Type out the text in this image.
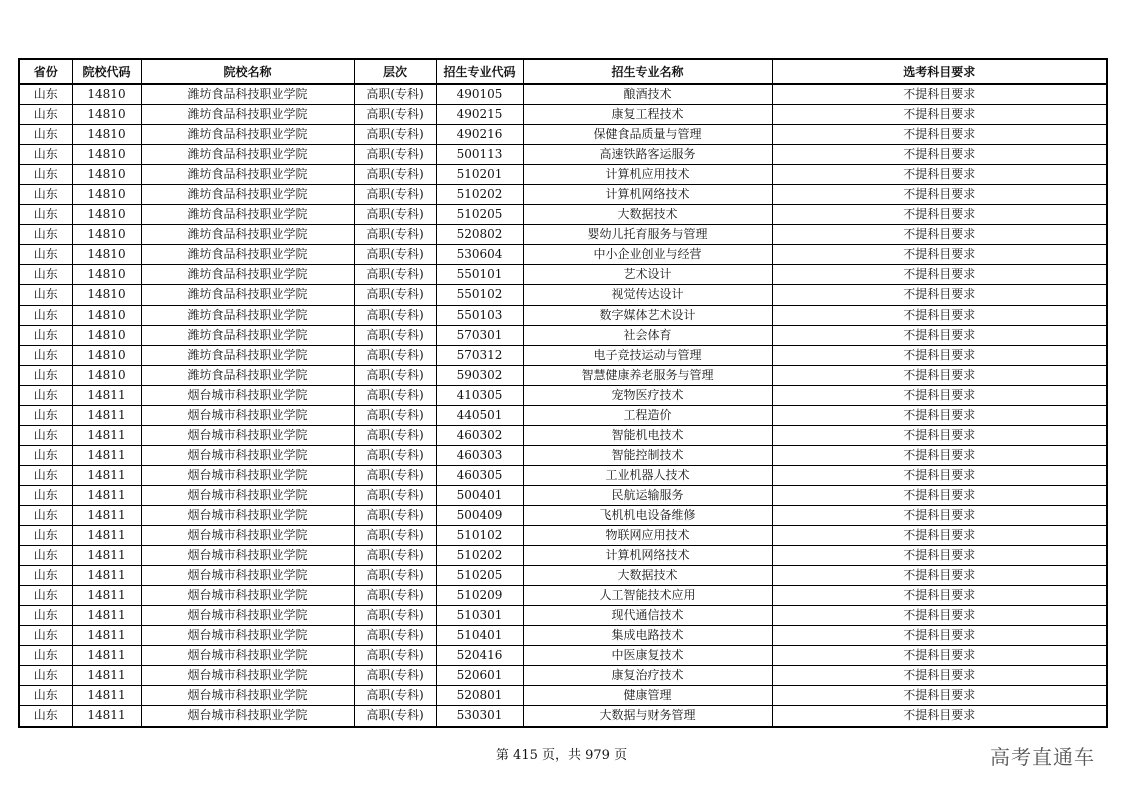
省份	院校代码	院校名称	层次	招生专业代码	招生专业名称	选考科目要求
山东	14810	潍坊食品科技职业学院	高职(专科)	490105	酿酒技术	不提科目要求
山东	14810	潍坊食品科技职业学院	高职(专科)	490215	康复工程技术	不提科目要求
山东	14810	潍坊食品科技职业学院	高职(专科)	490216	保健食品质量与管理	不提科目要求
山东	14810	潍坊食品科技职业学院	高职(专科)	500113	高速铁路客运服务	不提科目要求
山东	14810	潍坊食品科技职业学院	高职(专科)	510201	计算机应用技术	不提科目要求
山东	14810	潍坊食品科技职业学院	高职(专科)	510202	计算机网络技术	不提科目要求
山东	14810	潍坊食品科技职业学院	高职(专科)	510205	大数据技术	不提科目要求
山东	14810	潍坊食品科技职业学院	高职(专科)	520802	婴幼儿托育服务与管理	不提科目要求
山东	14810	潍坊食品科技职业学院	高职(专科)	530604	中小企业创业与经营	不提科目要求
山东	14810	潍坊食品科技职业学院	高职(专科)	550101	艺术设计	不提科目要求
山东	14810	潍坊食品科技职业学院	高职(专科)	550102	视觉传达设计	不提科目要求
山东	14810	潍坊食品科技职业学院	高职(专科)	550103	数字媒体艺术设计	不提科目要求
山东	14810	潍坊食品科技职业学院	高职(专科)	570301	社会体育	不提科目要求
山东	14810	潍坊食品科技职业学院	高职(专科)	570312	电子竞技运动与管理	不提科目要求
山东	14810	潍坊食品科技职业学院	高职(专科)	590302	智慧健康养老服务与管理	不提科目要求
山东	14811	烟台城市科技职业学院	高职(专科)	410305	宠物医疗技术	不提科目要求
山东	14811	烟台城市科技职业学院	高职(专科)	440501	工程造价	不提科目要求
山东	14811	烟台城市科技职业学院	高职(专科)	460302	智能机电技术	不提科目要求
山东	14811	烟台城市科技职业学院	高职(专科)	460303	智能控制技术	不提科目要求
山东	14811	烟台城市科技职业学院	高职(专科)	460305	工业机器人技术	不提科目要求
山东	14811	烟台城市科技职业学院	高职(专科)	500401	民航运输服务	不提科目要求
山东	14811	烟台城市科技职业学院	高职(专科)	500409	飞机机电设备维修	不提科目要求
山东	14811	烟台城市科技职业学院	高职(专科)	510102	物联网应用技术	不提科目要求
山东	14811	烟台城市科技职业学院	高职(专科)	510202	计算机网络技术	不提科目要求
山东	14811	烟台城市科技职业学院	高职(专科)	510205	大数据技术	不提科目要求
山东	14811	烟台城市科技职业学院	高职(专科)	510209	人工智能技术应用	不提科目要求
山东	14811	烟台城市科技职业学院	高职(专科)	510301	现代通信技术	不提科目要求
山东	14811	烟台城市科技职业学院	高职(专科)	510401	集成电路技术	不提科目要求
山东	14811	烟台城市科技职业学院	高职(专科)	520416	中医康复技术	不提科目要求
山东	14811	烟台城市科技职业学院	高职(专科)	520601	康复治疗技术	不提科目要求
山东	14811	烟台城市科技职业学院	高职(专科)	520801	健康管理	不提科目要求
山东	14811	烟台城市科技职业学院	高职(专科)	530301	大数据与财务管理	不提科目要求
第 415 页，共 979 页	高考直通车
